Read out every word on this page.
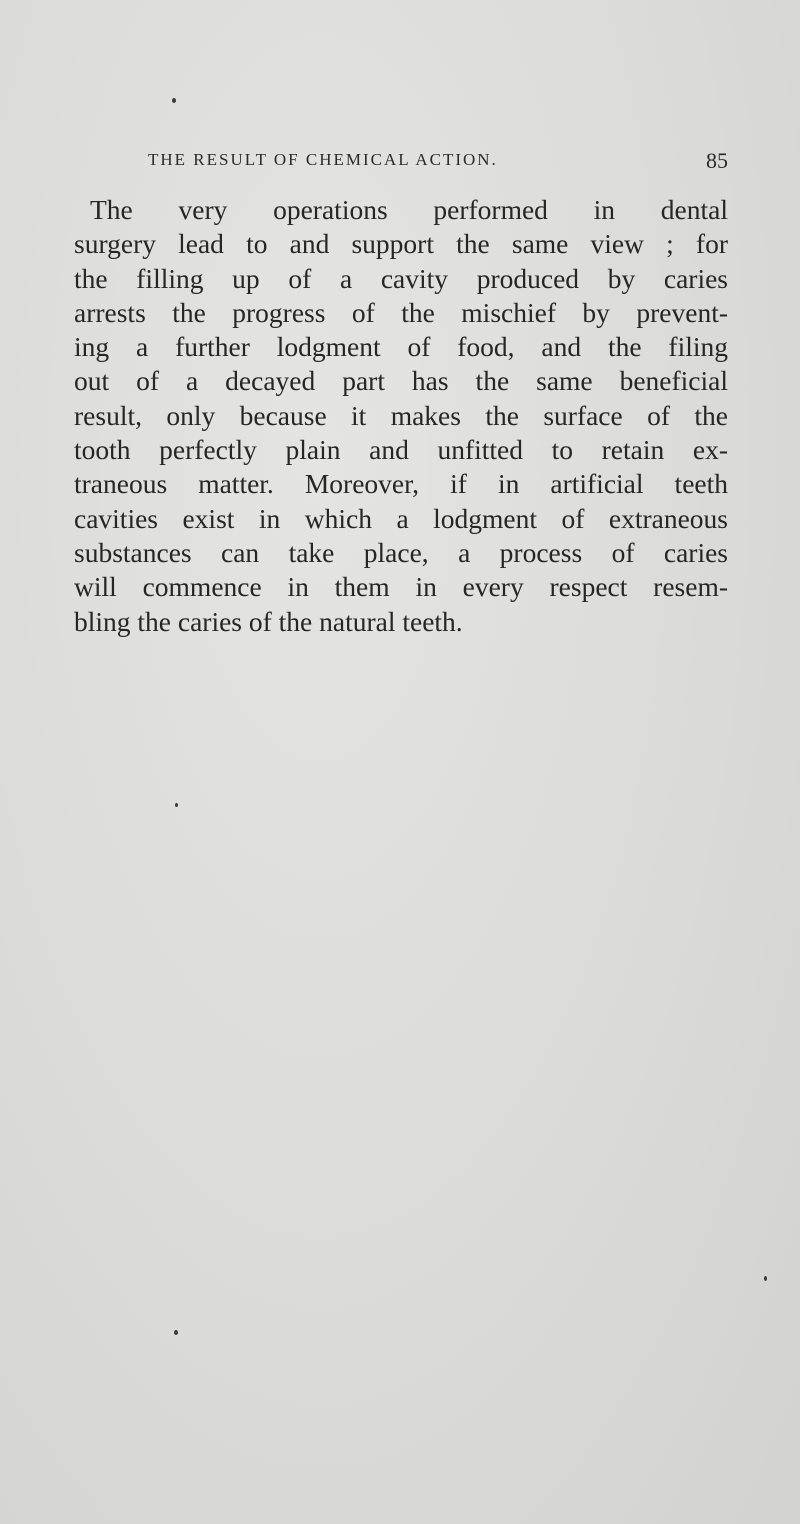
THE RESULT OF CHEMICAL ACTION.	85

The very operations performed in dental
surgery lead to and support the same view ; for
the filling up of a cavity produced by caries
arrests the progress of the mischief by prevent-
ing a further lodgment of food, and the filing
out of a decayed part has the same beneficial
result, only because it makes the surface of the
tooth perfectly plain and unfitted to retain ex-
traneous matter. Moreover, if in artificial teeth
cavities exist in which a lodgment of extraneous
substances can take place, a process of caries
will commence in them in every respect resem-
bling the caries of the natural teeth.
